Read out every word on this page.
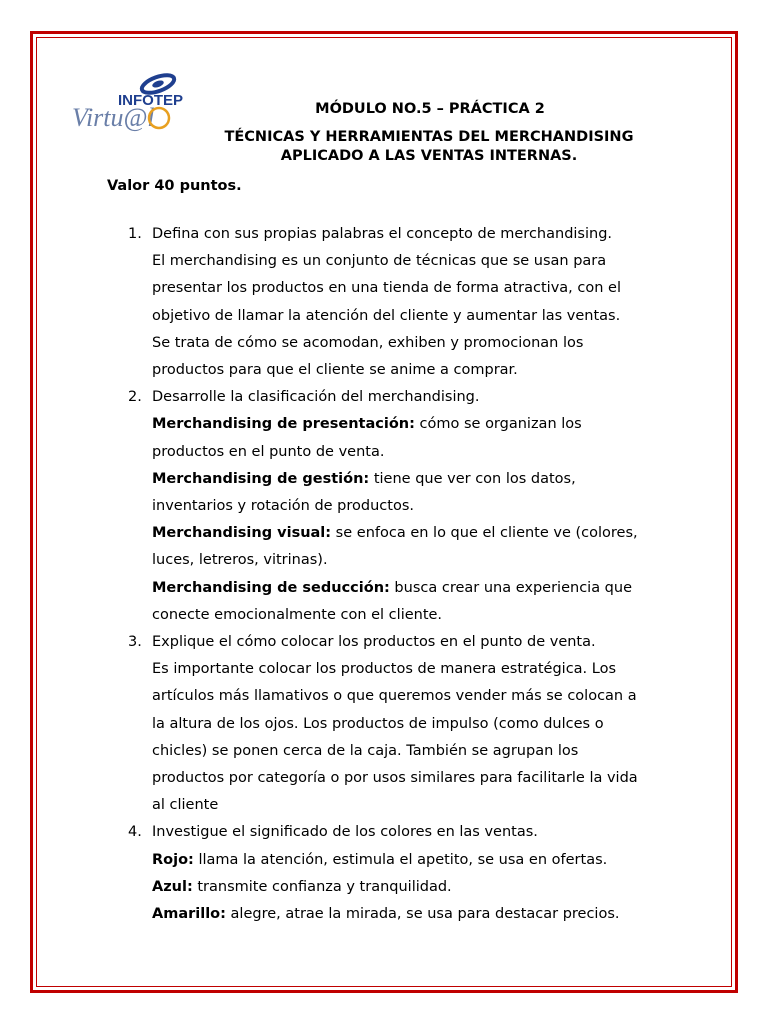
INFOTEP
Virtu@l	MÓDULO NO.5 – PRÁCTICA 2
TÉCNICAS Y HERRAMIENTAS DEL MERCHANDISING
APLICADO A LAS VENTAS INTERNAS.
Valor 40 puntos.
1. Defina con sus propias palabras el concepto de merchandising.
El merchandising es un conjunto de técnicas que se usan para
presentar los productos en una tienda de forma atractiva, con el
objetivo de llamar la atención del cliente y aumentar las ventas.
Se trata de cómo se acomodan, exhiben y promocionan los
productos para que el cliente se anime a comprar.
2. Desarrolle la clasificación del merchandising.
Merchandising de presentación: cómo se organizan los
productos en el punto de venta.
Merchandising de gestión: tiene que ver con los datos,
inventarios y rotación de productos.
Merchandising visual: se enfoca en lo que el cliente ve (colores,
luces, letreros, vitrinas).
Merchandising de seducción: busca crear una experiencia que
conecte emocionalmente con el cliente.
3. Explique el cómo colocar los productos en el punto de venta.
Es importante colocar los productos de manera estratégica. Los
artículos más llamativos o que queremos vender más se colocan a
la altura de los ojos. Los productos de impulso (como dulces o
chicles) se ponen cerca de la caja. También se agrupan los
productos por categoría o por usos similares para facilitarle la vida
al cliente
4. Investigue el significado de los colores en las ventas.
Rojo: llama la atención, estimula el apetito, se usa en ofertas.
Azul: transmite confianza y tranquilidad.
Amarillo: alegre, atrae la mirada, se usa para destacar precios.
